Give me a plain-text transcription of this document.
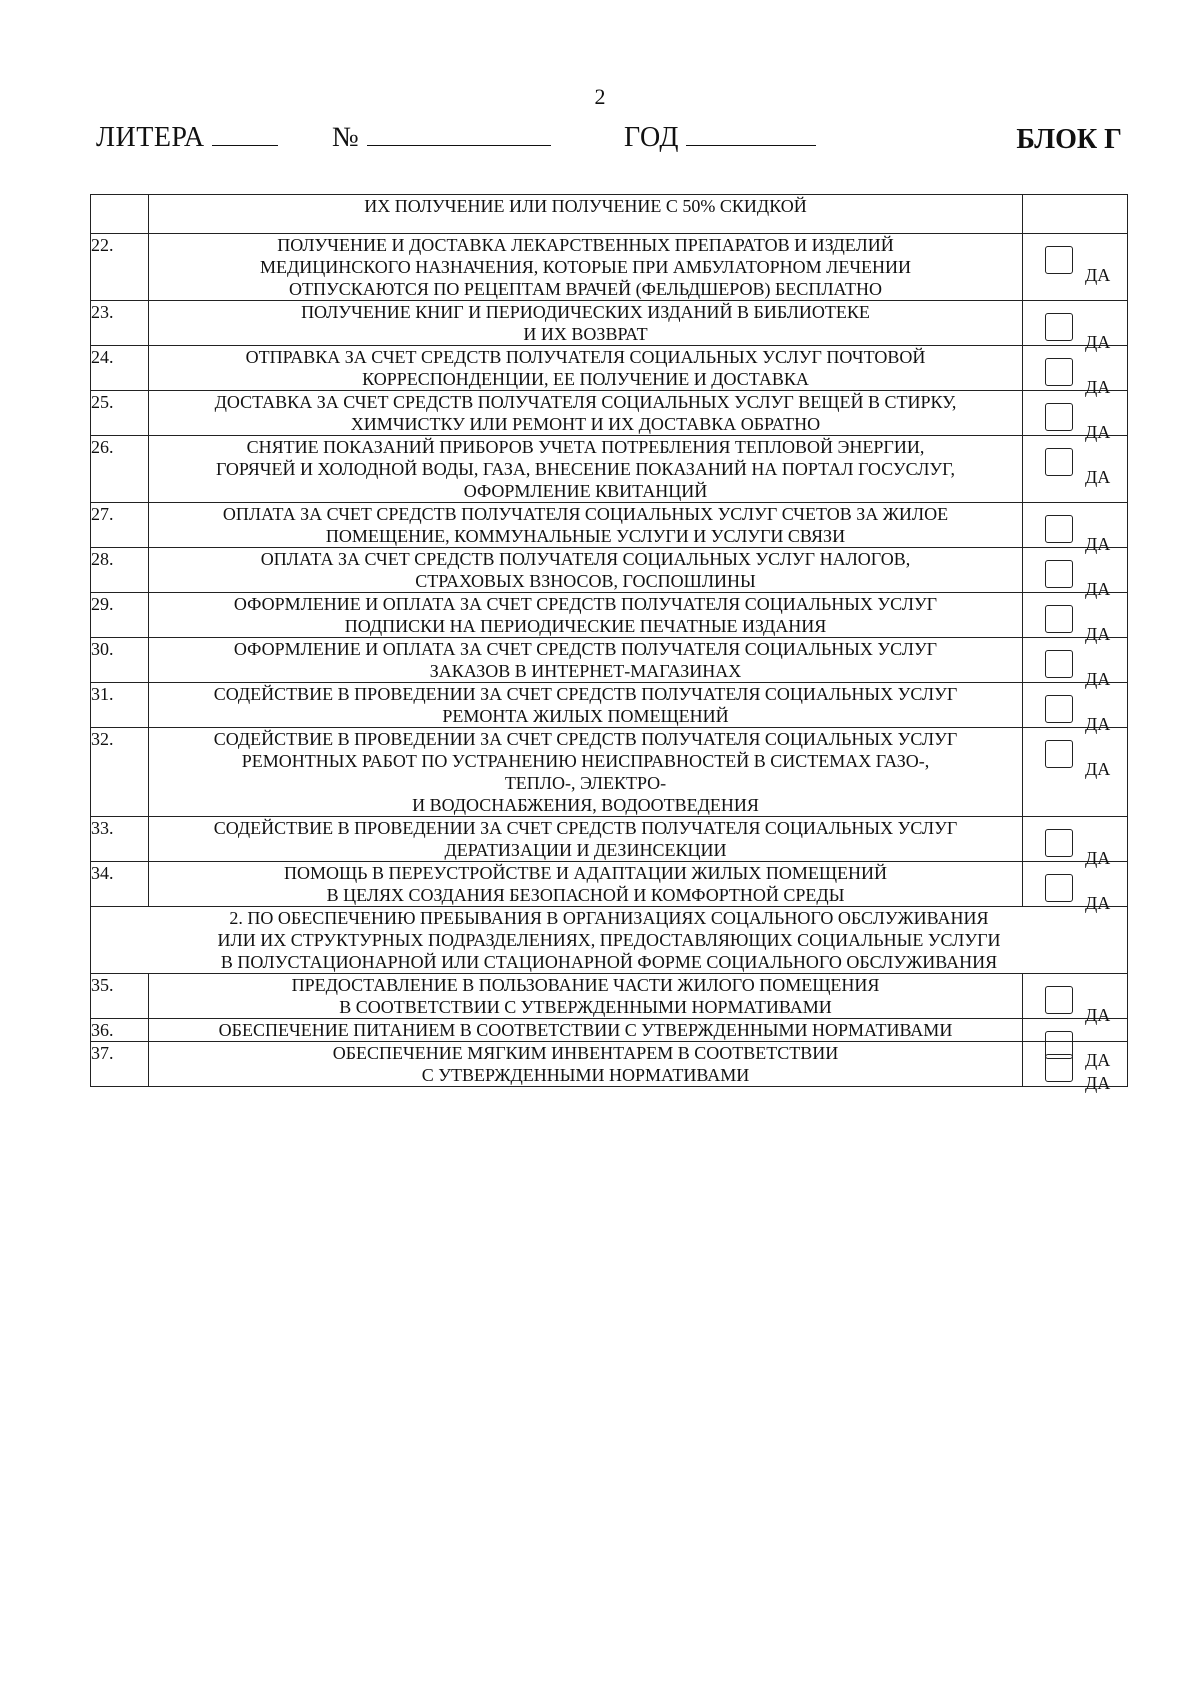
2
ЛИТЕРА	№	ГОД	БЛОК Г
	ИХ ПОЛУЧЕНИЕ ИЛИ ПОЛУЧЕНИЕ С 50% СКИДКОЙ	
22.	ПОЛУЧЕНИЕ И ДОСТАВКА ЛЕКАРСТВЕННЫХ ПРЕПАРАТОВ И ИЗДЕЛИЙ
МЕДИЦИНСКОГО НАЗНАЧЕНИЯ, КОТОРЫЕ ПРИ АМБУЛАТОРНОМ ЛЕЧЕНИИ
ОТПУСКАЮТСЯ ПО РЕЦЕПТАМ ВРАЧЕЙ (ФЕЛЬДШЕРОВ) БЕСПЛАТНО	ДА

23.	ПОЛУЧЕНИЕ КНИГ И ПЕРИОДИЧЕСКИХ ИЗДАНИЙ В БИБЛИОТЕКЕ
И ИХ ВОЗВРАТ	ДА

24.	ОТПРАВКА ЗА СЧЕТ СРЕДСТВ ПОЛУЧАТЕЛЯ СОЦИАЛЬНЫХ УСЛУГ ПОЧТОВОЙ
КОРРЕСПОНДЕНЦИИ, ЕЕ ПОЛУЧЕНИЕ И ДОСТАВКА	ДА

25.	ДОСТАВКА ЗА СЧЕТ СРЕДСТВ ПОЛУЧАТЕЛЯ СОЦИАЛЬНЫХ УСЛУГ ВЕЩЕЙ В СТИРКУ,
ХИМЧИСТКУ ИЛИ РЕМОНТ И ИХ ДОСТАВКА ОБРАТНО	ДА

26.	СНЯТИЕ ПОКАЗАНИЙ ПРИБОРОВ УЧЕТА ПОТРЕБЛЕНИЯ ТЕПЛОВОЙ ЭНЕРГИИ,
ГОРЯЧЕЙ И ХОЛОДНОЙ ВОДЫ, ГАЗА, ВНЕСЕНИЕ ПОКАЗАНИЙ НА ПОРТАЛ ГОСУСЛУГ,
ОФОРМЛЕНИЕ КВИТАНЦИЙ	ДА

27.	ОПЛАТА ЗА СЧЕТ СРЕДСТВ ПОЛУЧАТЕЛЯ СОЦИАЛЬНЫХ УСЛУГ СЧЕТОВ ЗА ЖИЛОЕ
ПОМЕЩЕНИЕ, КОММУНАЛЬНЫЕ УСЛУГИ И УСЛУГИ СВЯЗИ	ДА

28.	ОПЛАТА ЗА СЧЕТ СРЕДСТВ ПОЛУЧАТЕЛЯ СОЦИАЛЬНЫХ УСЛУГ НАЛОГОВ,
СТРАХОВЫХ ВЗНОСОВ, ГОСПОШЛИНЫ	ДА

29.	ОФОРМЛЕНИЕ И ОПЛАТА ЗА СЧЕТ СРЕДСТВ ПОЛУЧАТЕЛЯ СОЦИАЛЬНЫХ УСЛУГ
ПОДПИСКИ НА ПЕРИОДИЧЕСКИЕ ПЕЧАТНЫЕ ИЗДАНИЯ	ДА

30.	ОФОРМЛЕНИЕ И ОПЛАТА ЗА СЧЕТ СРЕДСТВ ПОЛУЧАТЕЛЯ СОЦИАЛЬНЫХ УСЛУГ
ЗАКАЗОВ В ИНТЕРНЕТ-МАГАЗИНАХ	ДА

31.	СОДЕЙСТВИЕ В ПРОВЕДЕНИИ ЗА СЧЕТ СРЕДСТВ ПОЛУЧАТЕЛЯ СОЦИАЛЬНЫХ УСЛУГ
РЕМОНТА ЖИЛЫХ ПОМЕЩЕНИЙ	ДА

32.	СОДЕЙСТВИЕ В ПРОВЕДЕНИИ ЗА СЧЕТ СРЕДСТВ ПОЛУЧАТЕЛЯ СОЦИАЛЬНЫХ УСЛУГ
РЕМОНТНЫХ РАБОТ ПО УСТРАНЕНИЮ НЕИСПРАВНОСТЕЙ В СИСТЕМАХ ГАЗО-,
ТЕПЛО-, ЭЛЕКТРО-
И ВОДОСНАБЖЕНИЯ, ВОДООТВЕДЕНИЯ	ДА

33.	СОДЕЙСТВИЕ В ПРОВЕДЕНИИ ЗА СЧЕТ СРЕДСТВ ПОЛУЧАТЕЛЯ СОЦИАЛЬНЫХ УСЛУГ
ДЕРАТИЗАЦИИ И ДЕЗИНСЕКЦИИ	ДА

34.	ПОМОЩЬ В ПЕРЕУСТРОЙСТВЕ И АДАПТАЦИИ ЖИЛЫХ ПОМЕЩЕНИЙ
В ЦЕЛЯХ СОЗДАНИЯ БЕЗОПАСНОЙ И КОМФОРТНОЙ СРЕДЫ	ДА

2. ПО ОБЕСПЕЧЕНИЮ ПРЕБЫВАНИЯ В ОРГАНИЗАЦИЯХ СОЦАЛЬНОГО ОБСЛУЖИВАНИЯ
ИЛИ ИХ СТРУКТУРНЫХ ПОДРАЗДЕЛЕНИЯХ, ПРЕДОСТАВЛЯЮЩИХ СОЦИАЛЬНЫЕ УСЛУГИ
В ПОЛУСТАЦИОНАРНОЙ ИЛИ СТАЦИОНАРНОЙ ФОРМЕ СОЦИАЛЬНОГО ОБСЛУЖИВАНИЯ		
35.	ПРЕДОСТАВЛЕНИЕ В ПОЛЬЗОВАНИЕ ЧАСТИ ЖИЛОГО ПОМЕЩЕНИЯ
В СООТВЕТСТВИИ С УТВЕРЖДЕННЫМИ НОРМАТИВАМИ	ДА

36.	ОБЕСПЕЧЕНИЕ ПИТАНИЕМ В СООТВЕТСТВИИ С УТВЕРЖДЕННЫМИ НОРМАТИВАМИ	ДА

37.	ОБЕСПЕЧЕНИЕ МЯГКИМ ИНВЕНТАРЕМ В СООТВЕТСТВИИ
С УТВЕРЖДЕННЫМИ НОРМАТИВАМИ	ДА
